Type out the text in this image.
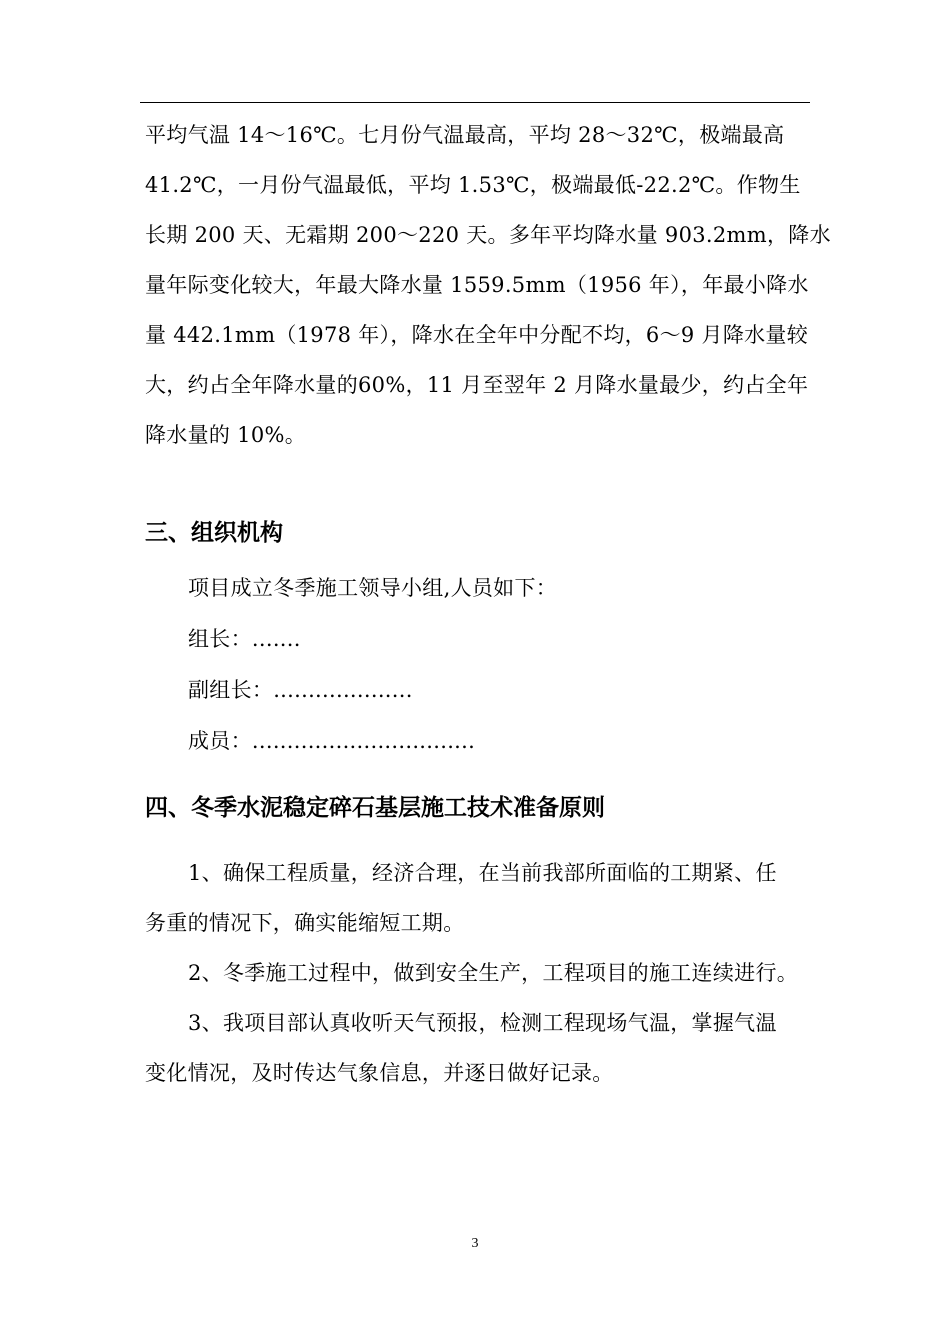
平均气温 14～16℃。七月份气温最高，平均 28～32℃，极端最高
41.2℃，一月份气温最低，平均 1.53℃，极端最低-22.2℃。作物生
长期 200 天、无霜期 200～220 天。多年平均降水量 903.2mm，降水
量年际变化较大，年最大降水量 1559.5mm（1956 年），年最小降水
量 442.1mm（1978 年），降水在全年中分配不均，6～9 月降水量较
大，约占全年降水量的60%，11 月至翌年 2 月降水量最少，约占全年
降水量的 10%。
三、组织机构
项目成立冬季施工领导小组,人员如下：
组长：.......
副组长：....................
成员：................................
四、冬季水泥稳定碎石基层施工技术准备原则
1、确保工程质量，经济合理，在当前我部所面临的工期紧、任
务重的情况下，确实能缩短工期。
2、冬季施工过程中，做到安全生产，工程项目的施工连续进行。
3、我项目部认真收听天气预报，检测工程现场气温，掌握气温
变化情况，及时传达气象信息，并逐日做好记录。
3
